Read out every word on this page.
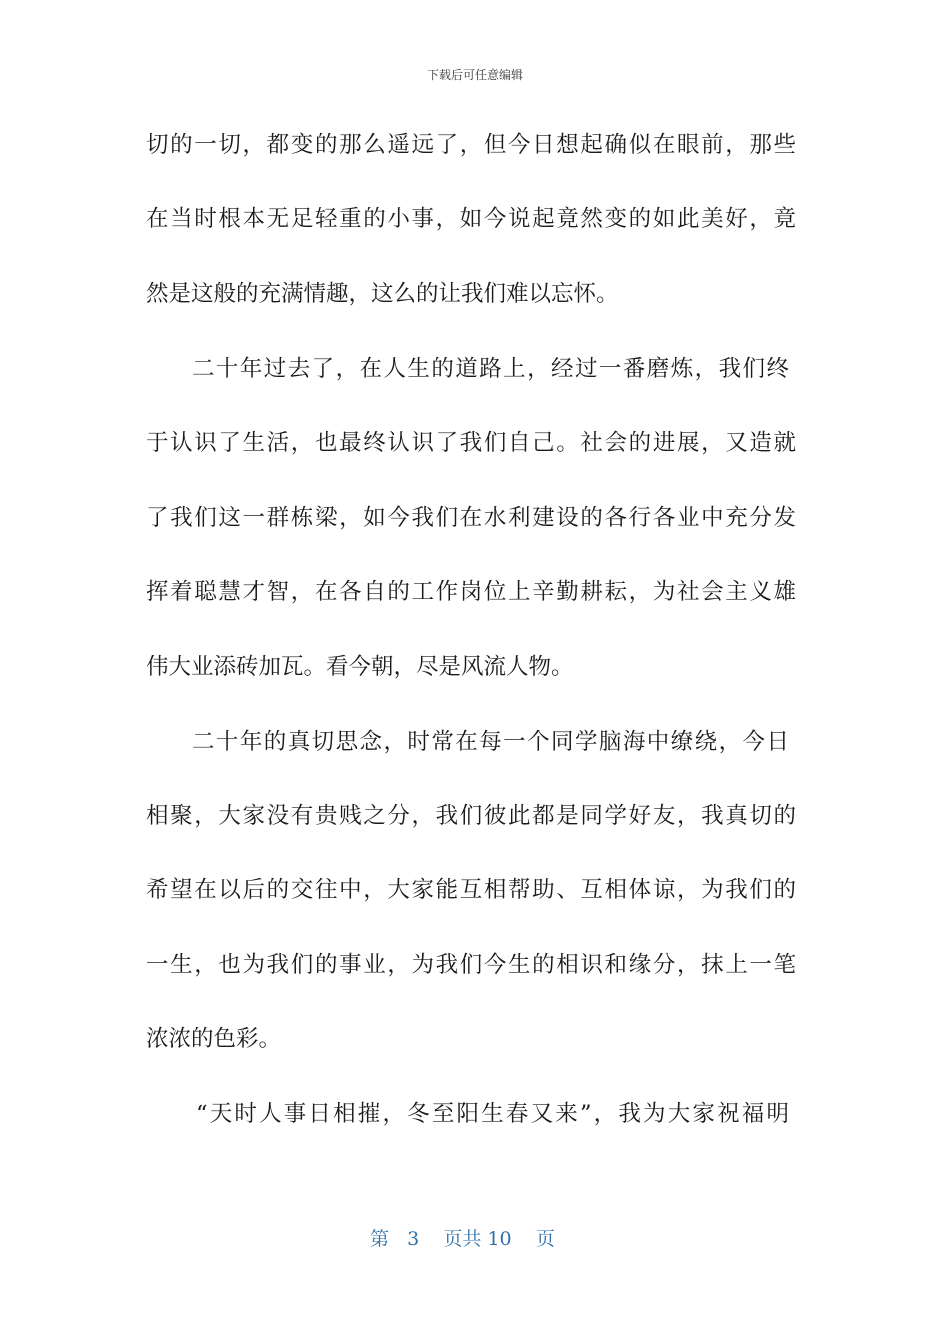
下载后可任意编辑
切的一切，都变的那么遥远了，但今日想起确似在眼前，那些
在当时根本无足轻重的小事，如今说起竟然变的如此美好，竟
然是这般的充满情趣，这么的让我们难以忘怀。
二十年过去了，在人生的道路上，经过一番磨炼，我们终
于认识了生活，也最终认识了我们自己。社会的进展，又造就
了我们这一群栋梁，如今我们在水利建设的各行各业中充分发
挥着聪慧才智，在各自的工作岗位上辛勤耕耘，为社会主义雄
伟大业添砖加瓦。看今朝，尽是风流人物。
二十年的真切思念，时常在每一个同学脑海中缭绕，今日
相聚，大家没有贵贱之分，我们彼此都是同学好友，我真切的
希望在以后的交往中，大家能互相帮助、互相体谅，为我们的
一生，也为我们的事业，为我们今生的相识和缘分，抹上一笔
浓浓的色彩。
“天时人事日相摧，冬至阳生春又来”，我为大家祝福明
第 3 页共 10 页
